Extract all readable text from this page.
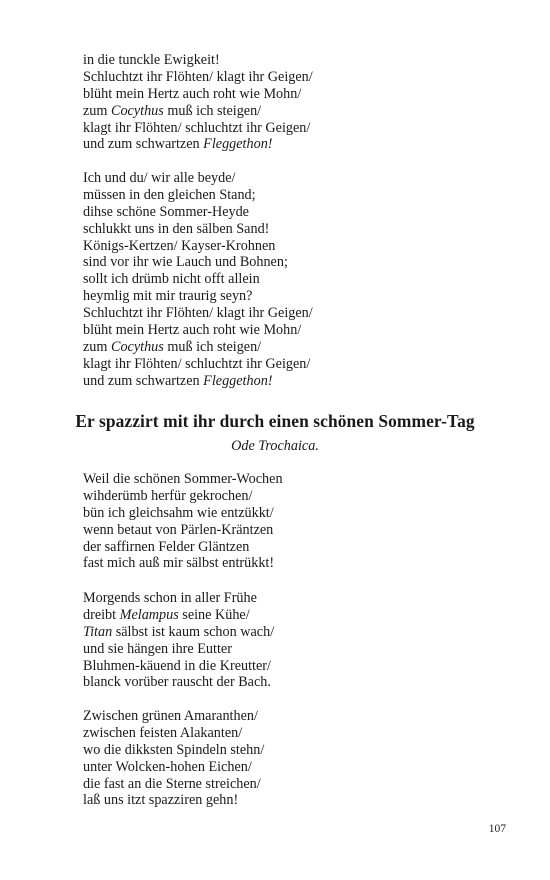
in die tunckle Ewigkeit!
Schluchtzt ihr Flöhten/ klagt ihr Geigen/
blüht mein Hertz auch roht wie Mohn/
zum Cocythus muß ich steigen/
klagt ihr Flöhten/ schluchtzt ihr Geigen/
und zum schwartzen Fleggethon!
Ich und du/ wir alle beyde/
müssen in den gleichen Stand;
dihse schöne Sommer-Heyde
schlukkt uns in den sälben Sand!
Königs-Kertzen/ Kayser-Krohnen
sind vor ihr wie Lauch und Bohnen;
sollt ich drümb nicht offt allein
heymlig mit mir traurig seyn?
Schluchtzt ihr Flöhten/ klagt ihr Geigen/
blüht mein Hertz auch roht wie Mohn/
zum Cocythus muß ich steigen/
klagt ihr Flöhten/ schluchtzt ihr Geigen/
und zum schwartzen Fleggethon!
Er spazzirt mit ihr durch einen schönen Sommer-Tag
Ode Trochaica.
Weil die schönen Sommer-Wochen
wihderümb herfür gekrochen/
bün ich gleichsahm wie entzükkt/
wenn betaut von Pärlen-Kräntzen
der saffirnen Felder Gläntzen
fast mich auß mir sälbst entrükkt!
Morgends schon in aller Frühe
dreibt Melampus seine Kühe/
Titan sälbst ist kaum schon wach/
und sie hängen ihre Eutter
Bluhmen-käuend in die Kreutter/
blanck vorüber rauscht der Bach.
Zwischen grünen Amaranthen/
zwischen feisten Alakanten/
wo die dikksten Spindeln stehn/
unter Wolcken-hohen Eichen/
die fast an die Sterne streichen/
laß uns itzt spazziren gehn!
107
